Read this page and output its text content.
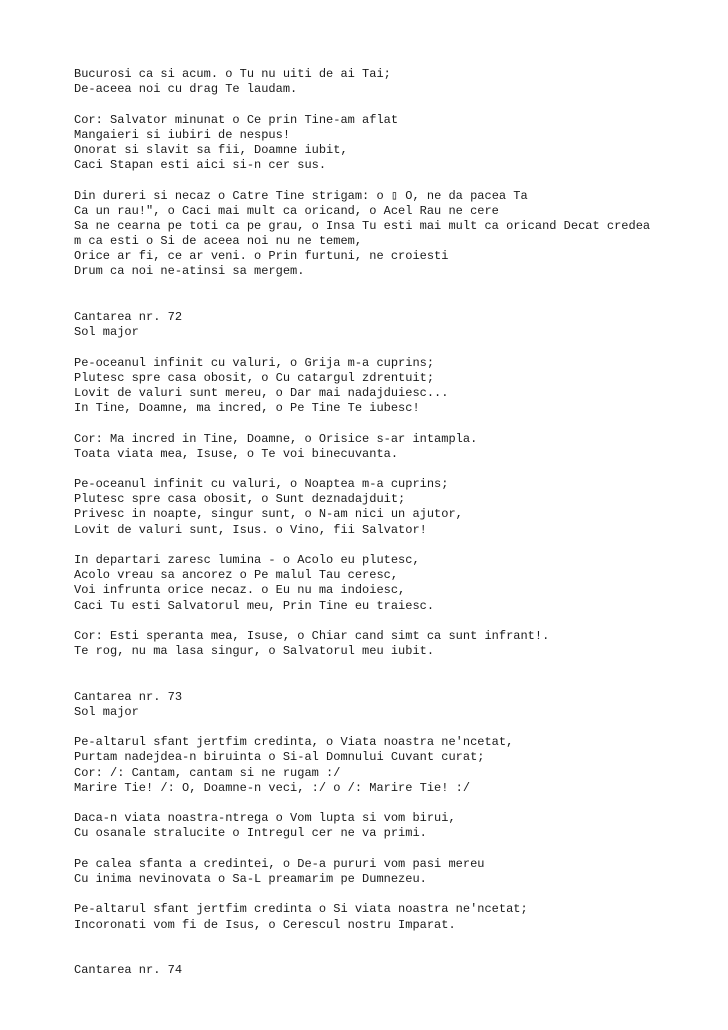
Bucurosi ca si acum. o Tu nu uiti de ai Tai;
De-aceea noi cu drag Te laudam.
Cor: Salvator minunat o Ce prin Tine-am aflat
Mangaieri si iubiri de nespus!
Onorat si slavit sa fii, Doamne iubit,
Caci Stapan esti aici si-n cer sus.
Din dureri si necaz o Catre Tine strigam: o ▯ O, ne da pacea Ta
Ca un rau!", o Caci mai mult ca oricand, o Acel Rau ne cere
Sa ne cearna pe toti ca pe grau, o Insa Tu esti mai mult ca oricand Decat credea
m ca esti o Si de aceea noi nu ne temem,
Orice ar fi, ce ar veni. o Prin furtuni, ne croiesti
Drum ca noi ne-atinsi sa mergem.
Cantarea nr. 72
Sol major
Pe-oceanul infinit cu valuri, o Grija m-a cuprins;
Plutesc spre casa obosit, o Cu catargul zdrentuit;
Lovit de valuri sunt mereu, o Dar mai nadajduiesc...
In Tine, Doamne, ma incred, o Pe Tine Te iubesc!
Cor: Ma incred in Tine, Doamne, o Orisice s-ar intampla.
Toata viata mea, Isuse, o Te voi binecuvanta.
Pe-oceanul infinit cu valuri, o Noaptea m-a cuprins;
Plutesc spre casa obosit, o Sunt deznadajduit;
Privesc in noapte, singur sunt, o N-am nici un ajutor,
Lovit de valuri sunt, Isus. o Vino, fii Salvator!
In departari zaresc lumina - o Acolo eu plutesc,
Acolo vreau sa ancorez o Pe malul Tau ceresc,
Voi infrunta orice necaz. o Eu nu ma indoiesc,
Caci Tu esti Salvatorul meu, Prin Tine eu traiesc.
Cor: Esti speranta mea, Isuse, o Chiar cand simt ca sunt infrant!.
Te rog, nu ma lasa singur, o Salvatorul meu iubit.
Cantarea nr. 73
Sol major
Pe-altarul sfant jertfim credinta, o Viata noastra ne'ncetat,
Purtam nadejdea-n biruinta o Si-al Domnului Cuvant curat;
Cor: /: Cantam, cantam si ne rugam :/
Marire Tie! /: O, Doamne-n veci, :/ o /: Marire Tie! :/
Daca-n viata noastra-ntrega o Vom lupta si vom birui,
Cu osanale stralucite o Intregul cer ne va primi.
Pe calea sfanta a credintei, o De-a pururi vom pasi mereu
Cu inima nevinovata o Sa-L preamarim pe Dumnezeu.
Pe-altarul sfant jertfim credinta o Si viata noastra ne'ncetat;
Incoronati vom fi de Isus, o Cerescul nostru Imparat.
Cantarea nr. 74
